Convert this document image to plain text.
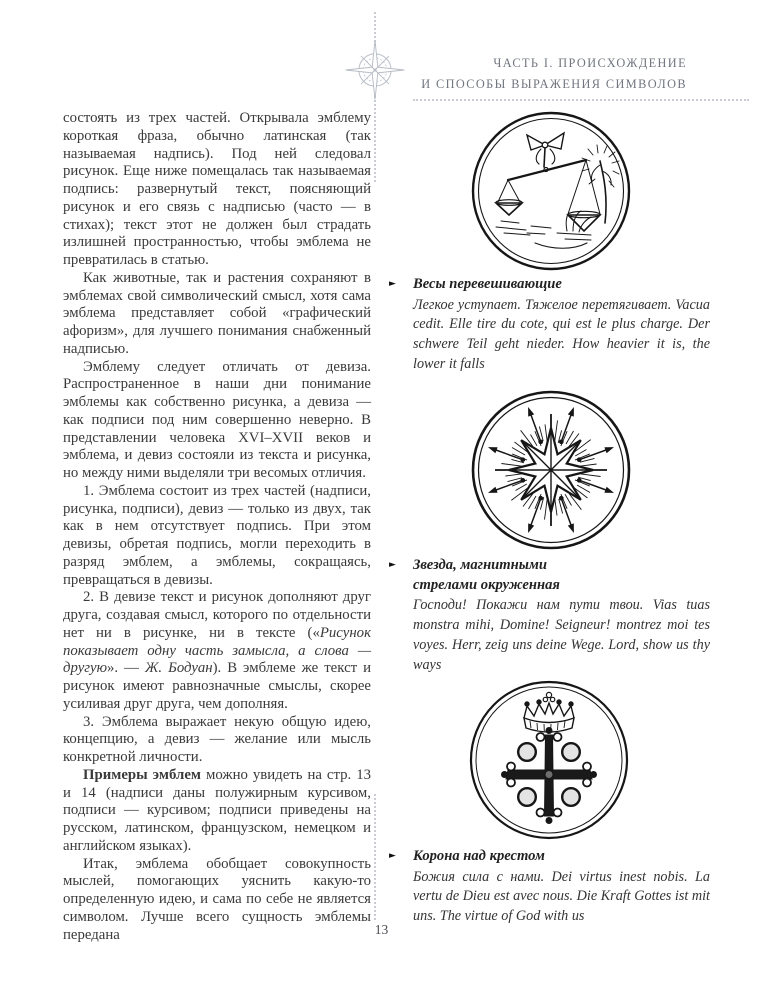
ЧАСТЬ I. ПРОИСХОЖДЕНИЕ
И СПОСОБЫ ВЫРАЖЕНИЯ СИМВОЛОВ

состоять из трех частей. Открывала эмблему короткая фраза, обычно латинская (так называемая надпись). Под ней следовал рисунок. Еще ниже помещалась так называемая подпись: развернутый текст, поясняющий рисунок и его связь с надписью (часто — в стихах); текст этот не должен был страдать излишней пространностью, чтобы эмблема не превратилась в статью.

Как животные, так и растения сохраняют в эмблемах свой символический смысл, хотя сама эмблема представляет собой «графический афоризм», для лучшего понимания снабженный надписью.

Эмблему следует отличать от девиза. Распространенное в наши дни понимание эмблемы как собственно рисунка, а девиза — как подписи под ним совершенно неверно. В представлении человека XVI–XVII веков и эмблема, и девиз состояли из текста и рисунка, но между ними выделяли три весомых отличия.

1. Эмблема состоит из трех частей (надписи, рисунка, подписи), девиз — только из двух, так как в нем отсутствует подпись. При этом девизы, обретая подпись, могли переходить в разряд эмблем, а эмблемы, сокращаясь, превращаться в девизы.

2. В девизе текст и рисунок дополняют друг друга, создавая смысл, которого по отдельности нет ни в рисунке, ни в тексте («Рисунок показывает одну часть замысла, а слова — другую». — Ж. Бодуан). В эмблеме же текст и рисунок имеют равнозначные смыслы, скорее усиливая друг друга, чем дополняя.

3. Эмблема выражает некую общую идею, концепцию, а девиз — желание или мысль конкретной личности.

Примеры эмблем можно увидеть на стр. 13 и 14 (надписи даны полужирным курсивом, подписи — курсивом; подписи приведены на русском, латинском, французском, немецком и английском языках).

Итак, эмблема обобщает совокупность мыслей, помогающих уяснить какую-то определенную идею, и сама по себе не является символом. Лучше всего сущность эмблемы передана

► Весы перевешивающие
Легкое уступает. Тяжелое перетягивает. Vacua cedit. Elle tire du cote, qui est le plus charge. Der schwere Teil geht nieder. How heavier it is, the lower it falls
► Звезда, магнитными
стрелами окруженная
Господи! Покажи нам пути твои. Vias tuas monstra mihi, Domine! Seigneur! montrez moi tes voyes. Herr, zeig uns deine Wege. Lord, show us thy ways
► Корона над крестом
Божия сила с нами. Dei virtus inest nobis. La vertu de Dieu est avec nous. Die Kraft Gottes ist mit uns. The virtue of God with us
13
